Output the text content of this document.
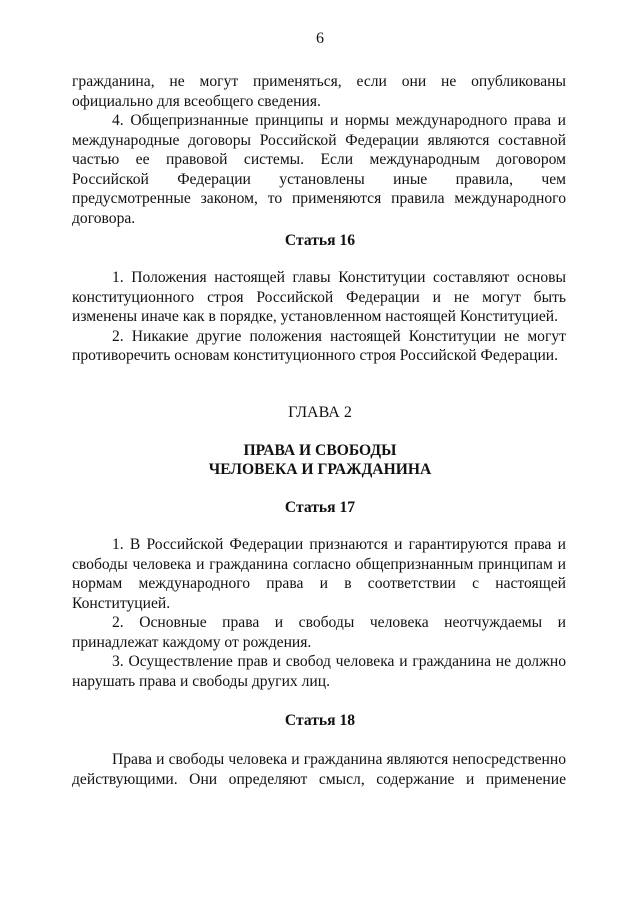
6

гражданина, не могут применяться, если они не опубликованы официально для всеобщего сведения.

4. Общепризнанные принципы и нормы международного права и международные договоры Российской Федерации являются составной частью ее правовой системы. Если международным договором Российской Федерации установлены иные правила, чем предусмотренные законом, то применяются правила международного договора.

Статья 16

1. Положения настоящей главы Конституции составляют основы конституционного строя Российской Федерации и не могут быть изменены иначе как в порядке, установленном настоящей Конституцией.

2. Никакие другие положения настоящей Конституции не могут противоречить основам конституционного строя Российской Федерации.

ГЛАВА 2
ПРАВА И СВОБОДЫ
ЧЕЛОВЕКА И ГРАЖДАНИНА
Статья 17

1. В Российской Федерации признаются и гарантируются права и свободы человека и гражданина согласно общепризнанным принципам и нормам международного права и в соответствии с настоящей Конституцией.

2. Основные права и свободы человека неотчуждаемы и принадлежат каждому от рождения.

3. Осуществление прав и свобод человека и гражданина не должно нарушать права и свободы других лиц.

Статья 18

Права и свободы человека и гражданина являются непосредственно действующими. Они определяют смысл, содержание и применение
